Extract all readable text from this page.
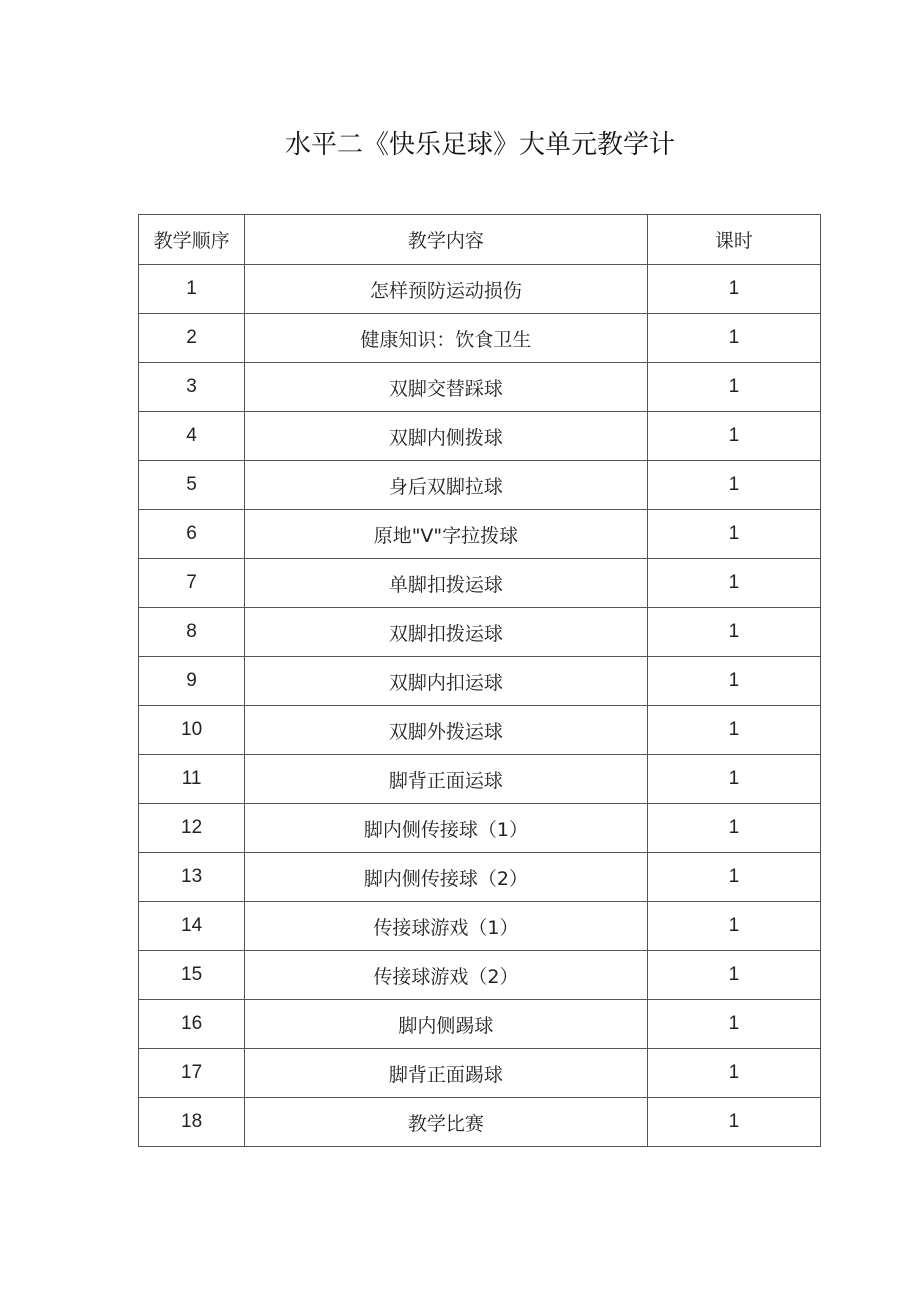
水平二《快乐足球》大单元教学计
教学顺序	教学内容	课时
1	怎样预防运动损伤	1
2	健康知识：饮食卫生	1
3	双脚交替踩球	1
4	双脚内侧拨球	1
5	身后双脚拉球	1
6	原地"V"字拉拨球	1
7	单脚扣拨运球	1
8	双脚扣拨运球	1
9	双脚内扣运球	1
10	双脚外拨运球	1
11	脚背正面运球	1
12	脚内侧传接球（1）	1
13	脚内侧传接球（2）	1
14	传接球游戏（1）	1
15	传接球游戏（2）	1
16	脚内侧踢球	1
17	脚背正面踢球	1
18	教学比赛	1
